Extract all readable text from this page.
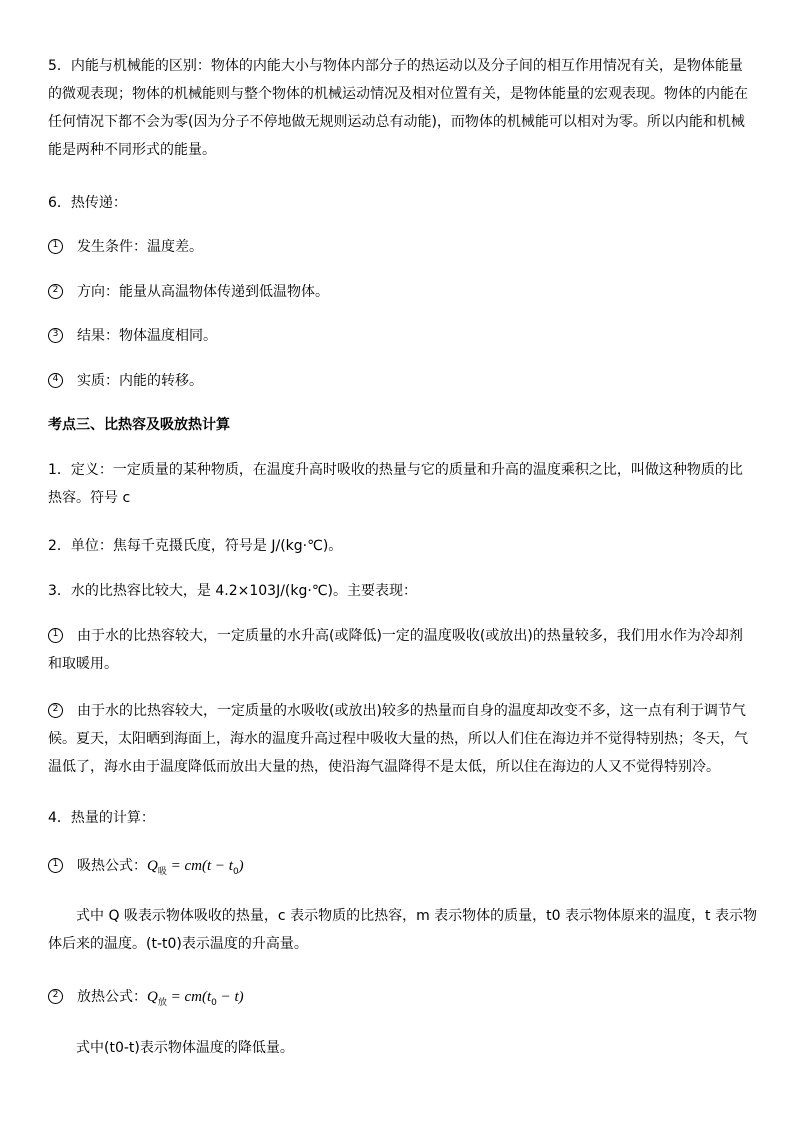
5．内能与机械能的区别：物体的内能大小与物体内部分子的热运动以及分子间的相互作用情况有关，是物体能量
的微观表现；物体的机械能则与整个物体的机械运动情况及相对位置有关，是物体能量的宏观表现。物体的内能在
任何情况下都不会为零(因为分子不停地做无规则运动总有动能)，而物体的机械能可以相对为零。所以内能和机械
能是两种不同形式的能量。
6．热传递：
1 发生条件：温度差。
2 方向：能量从高温物体传递到低温物体。
3 结果：物体温度相同。
4 实质：内能的转移。
考点三、比热容及吸放热计算
1．定义：一定质量的某种物质，在温度升高时吸收的热量与它的质量和升高的温度乘积之比，叫做这种物质的比
热容。符号 c
2．单位：焦每千克摄氏度，符号是 J/(kg·℃)。
3．水的比热容比较大，是 4.2×103J/(kg·℃)。主要表现：
1 由于水的比热容较大，一定质量的水升高(或降低)一定的温度吸收(或放出)的热量较多，我们用水作为冷却剂
和取暖用。
2 由于水的比热容较大，一定质量的水吸收(或放出)较多的热量而自身的温度却改变不多，这一点有利于调节气
候。夏天，太阳晒到海面上，海水的温度升高过程中吸收大量的热，所以人们住在海边并不觉得特别热；冬天，气
温低了，海水由于温度降低而放出大量的热，使沿海气温降得不是太低，所以住在海边的人又不觉得特别冷。
4．热量的计算：
1 吸热公式：$Q_吸 = cm(t - t_0)$
式中 Q 吸表示物体吸收的热量，c 表示物质的比热容，m 表示物体的质量，t0 表示物体原来的温度，t 表示物
体后来的温度。(t-t0)表示温度的升高量。
2 放热公式：$Q_放 = cm(t_0 - t)$
式中(t0-t)表示物体温度的降低量。
